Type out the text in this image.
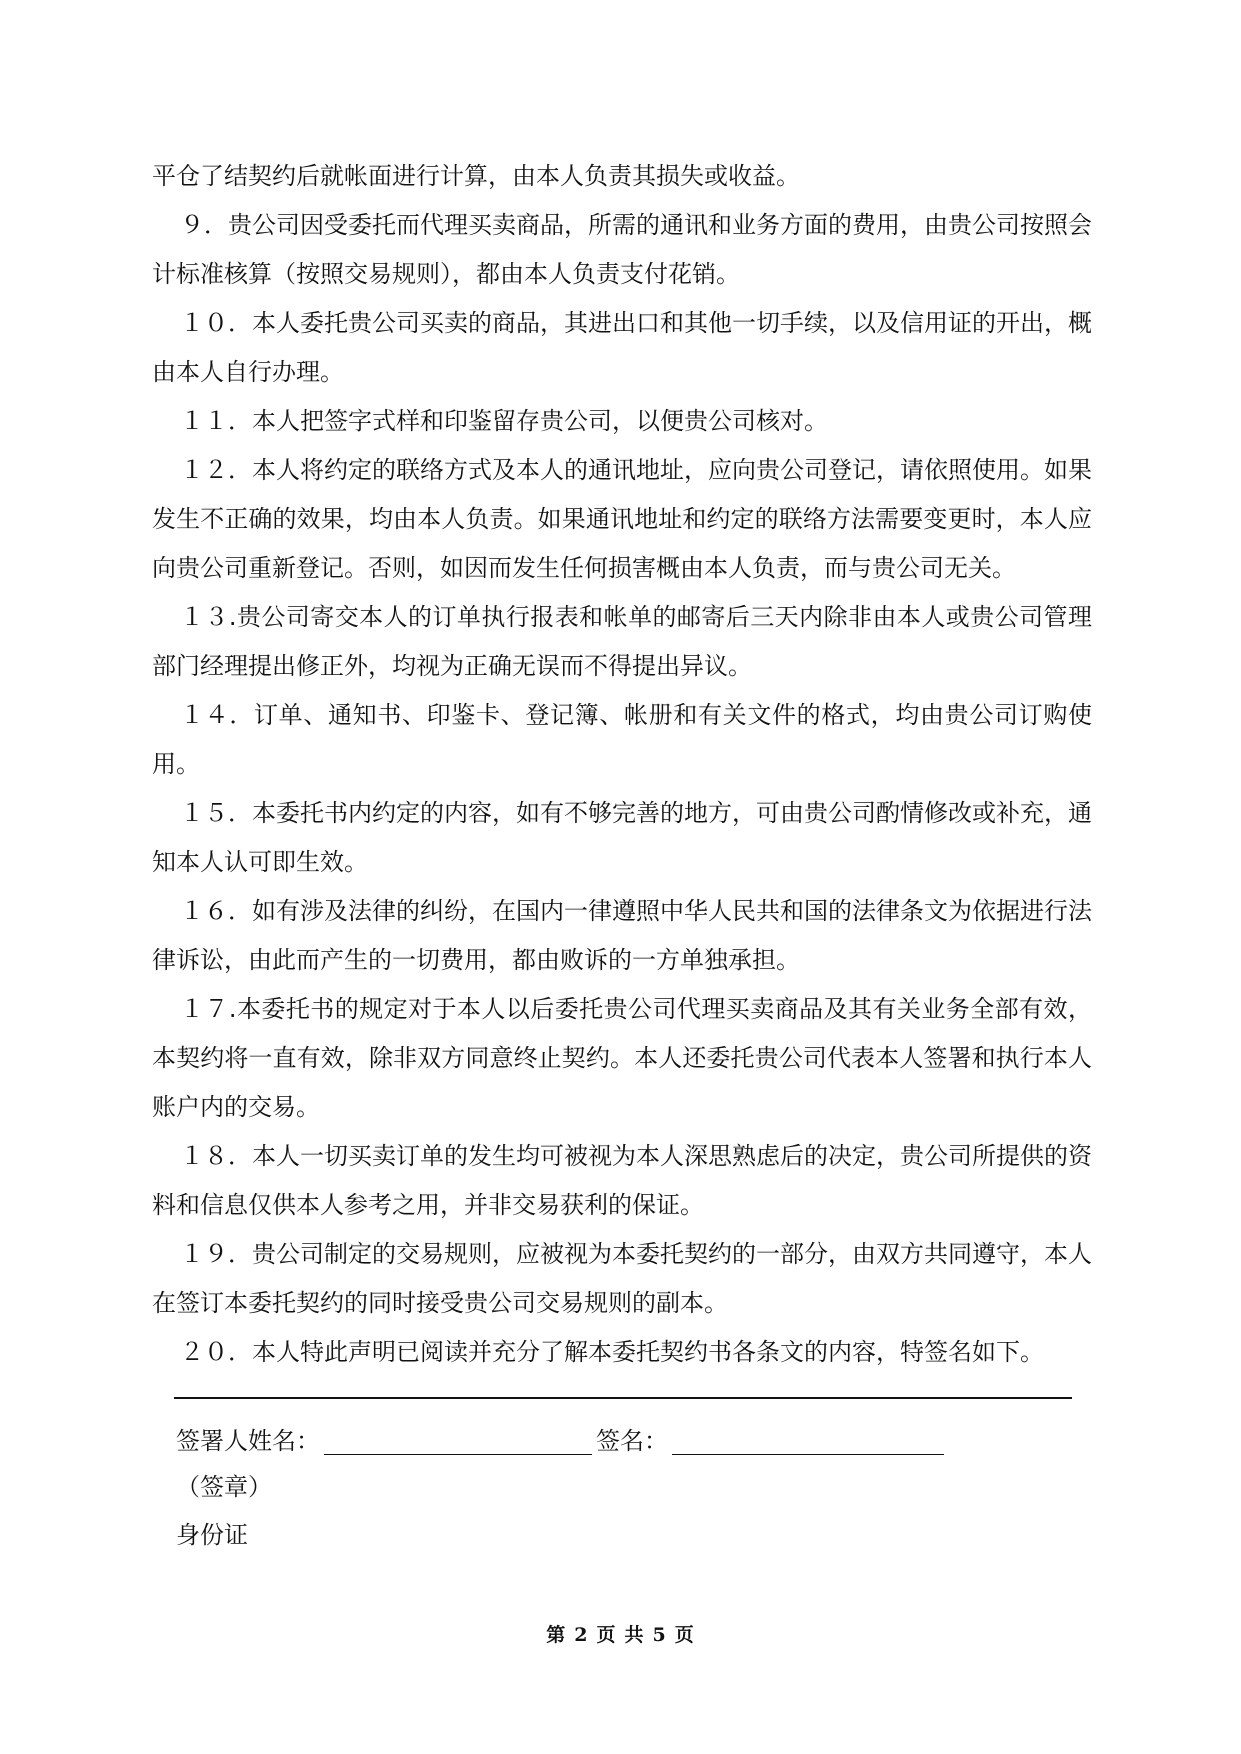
平仓了结契约后就帐面进行计算，由本人负责其损失或收益。

９．贵公司因受委托而代理买卖商品，所需的通讯和业务方面的费用，由贵公司按照会计标准核算（按照交易规则），都由本人负责支付花销。

１０．本人委托贵公司买卖的商品，其进出口和其他一切手续，以及信用证的开出，概由本人自行办理。

１１．本人把签字式样和印鉴留存贵公司，以便贵公司核对。

１２．本人将约定的联络方式及本人的通讯地址，应向贵公司登记，请依照使用。如果发生不正确的效果，均由本人负责。如果通讯地址和约定的联络方法需要变更时，本人应向贵公司重新登记。否则，如因而发生任何损害概由本人负责，而与贵公司无关。

１３.贵公司寄交本人的订单执行报表和帐单的邮寄后三天内除非由本人或贵公司管理部门经理提出修正外，均视为正确无误而不得提出异议。

１４．订单、通知书、印鉴卡、登记簿、帐册和有关文件的格式，均由贵公司订购使用。

１５．本委托书内约定的内容，如有不够完善的地方，可由贵公司酌情修改或补充，通知本人认可即生效。

１６．如有涉及法律的纠纷，在国内一律遵照中华人民共和国的法律条文为依据进行法律诉讼，由此而产生的一切费用，都由败诉的一方单独承担。

１７.本委托书的规定对于本人以后委托贵公司代理买卖商品及其有关业务全部有效，本契约将一直有效，除非双方同意终止契约。本人还委托贵公司代表本人签署和执行本人账户内的交易。

１８．本人一切买卖订单的发生均可被视为本人深思熟虑后的决定，贵公司所提供的资料和信息仅供本人参考之用，并非交易获利的保证。

１９．贵公司制定的交易规则，应被视为本委托契约的一部分，由双方共同遵守，本人在签订本委托契约的同时接受贵公司交易规则的副本。

２０．本人特此声明已阅读并充分了解本委托契约书各条文的内容，特签名如下。

签署人姓名：	签名：
（签章）
身份证
第 2 页 共 5 页
